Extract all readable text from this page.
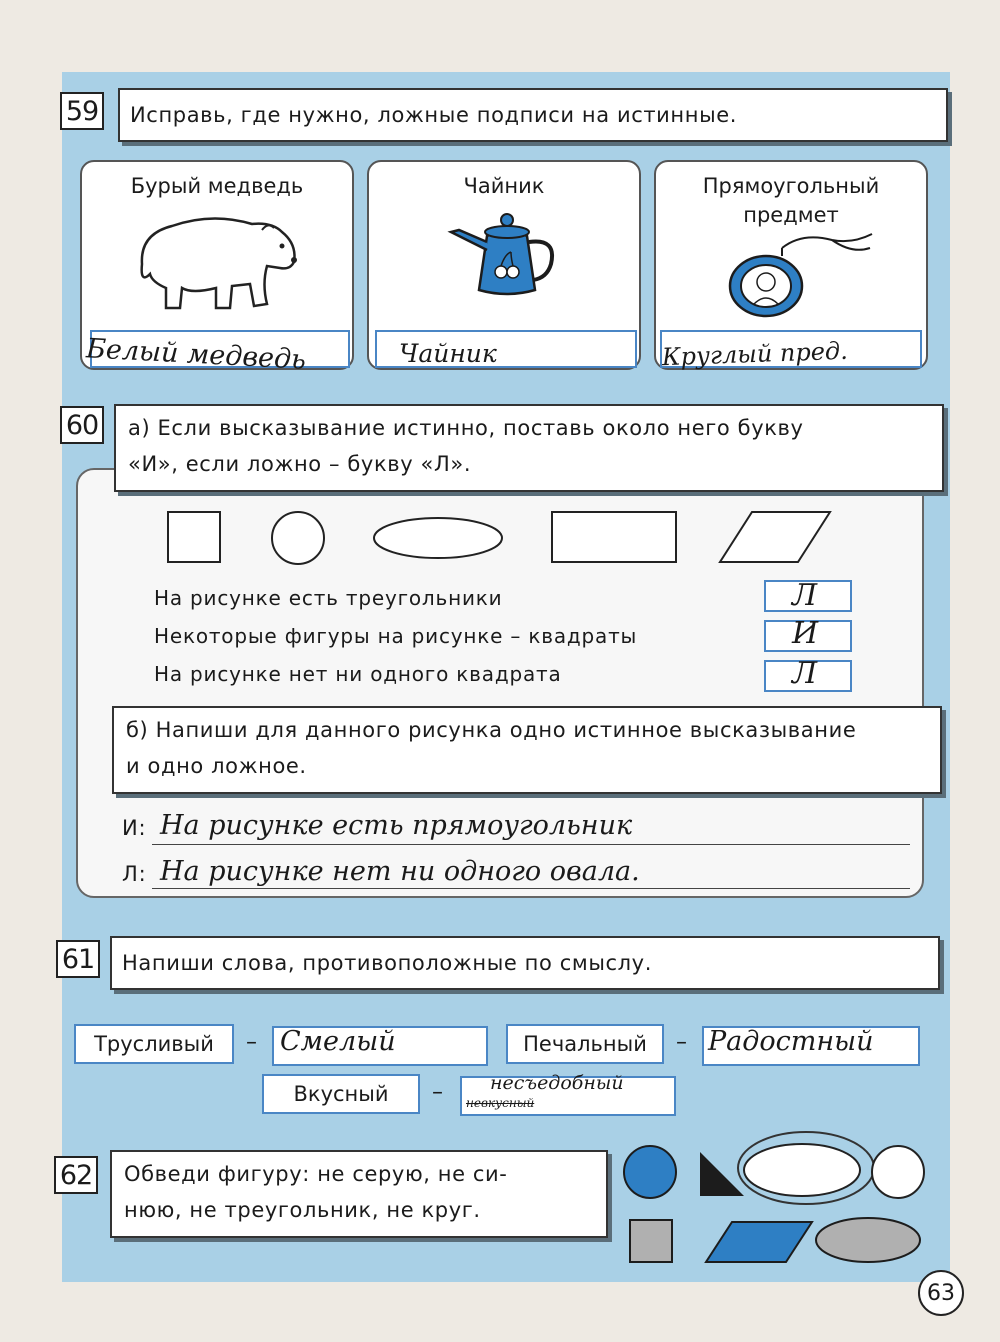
59	Исправь, где нужно, ложные подписи на истинные.
Бурый медведь
Белый медведь
Чайник
Чайник
Прямоугольный
предмет
Круглый пред.
60 а) Если высказывание истинно, поставь около него букву
«И», если ложно – букву «Л».
На рисунке есть треугольники	Л
Некоторые фигуры на рисунке – квадраты	И
На рисунке нет ни одного квадрата	Л
б) Напиши для данного рисунка одно истинное высказывание
и одно ложное.
И: На рисунке есть прямоугольник
Л: На рисунке нет ни одного овала.
61	Напиши слова, противоположные по смыслу.
Трусливый	– Смелый	Печальный	– Радостный
Вкусный	– несъедобный
невкусный
62 Обведи фигуру: не серую, не си-
нюю, не треугольник, не круг.
63
